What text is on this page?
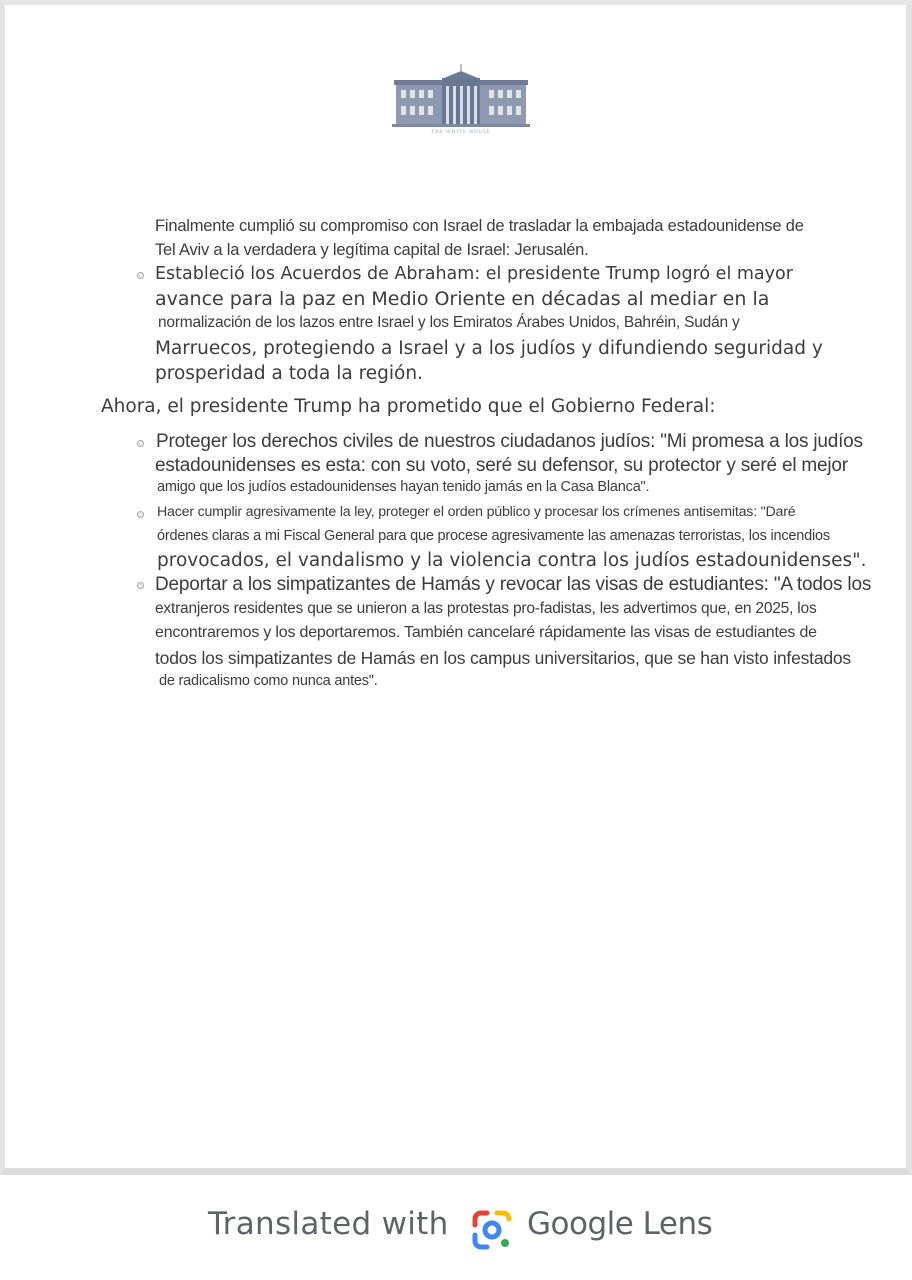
THE WHITE HOUSE
Finalmente cumplió su compromiso con Israel de trasladar la embajada estadounidense de
Tel Aviv a la verdadera y legítima capital de Israel: Jerusalén.
Estableció los Acuerdos de Abraham: el presidente Trump logró el mayor
avance para la paz en Medio Oriente en décadas al mediar en la
normalización de los lazos entre Israel y los Emiratos Árabes Unidos, Bahréin, Sudán y
Marruecos, protegiendo a Israel y a los judíos y difundiendo seguridad y
prosperidad a toda la región.
Ahora, el presidente Trump ha prometido que el Gobierno Federal:
Proteger los derechos civiles de nuestros ciudadanos judíos: "Mi promesa a los judíos
estadounidenses es esta: con su voto, seré su defensor, su protector y seré el mejor
amigo que los judíos estadounidenses hayan tenido jamás en la Casa Blanca".
Hacer cumplir agresivamente la ley, proteger el orden público y procesar los crímenes antisemitas: "Daré
órdenes claras a mi Fiscal General para que procese agresivamente las amenazas terroristas, los incendios
provocados, el vandalismo y la violencia contra los judíos estadounidenses".
Deportar a los simpatizantes de Hamás y revocar las visas de estudiantes: "A todos los
extranjeros residentes que se unieron a las protestas pro-fadistas, les advertimos que, en 2025, los
encontraremos y los deportaremos. También cancelaré rápidamente las visas de estudiantes de
todos los simpatizantes de Hamás en los campus universitarios, que se han visto infestados
de radicalismo como nunca antes".
Translated with	Google Lens
